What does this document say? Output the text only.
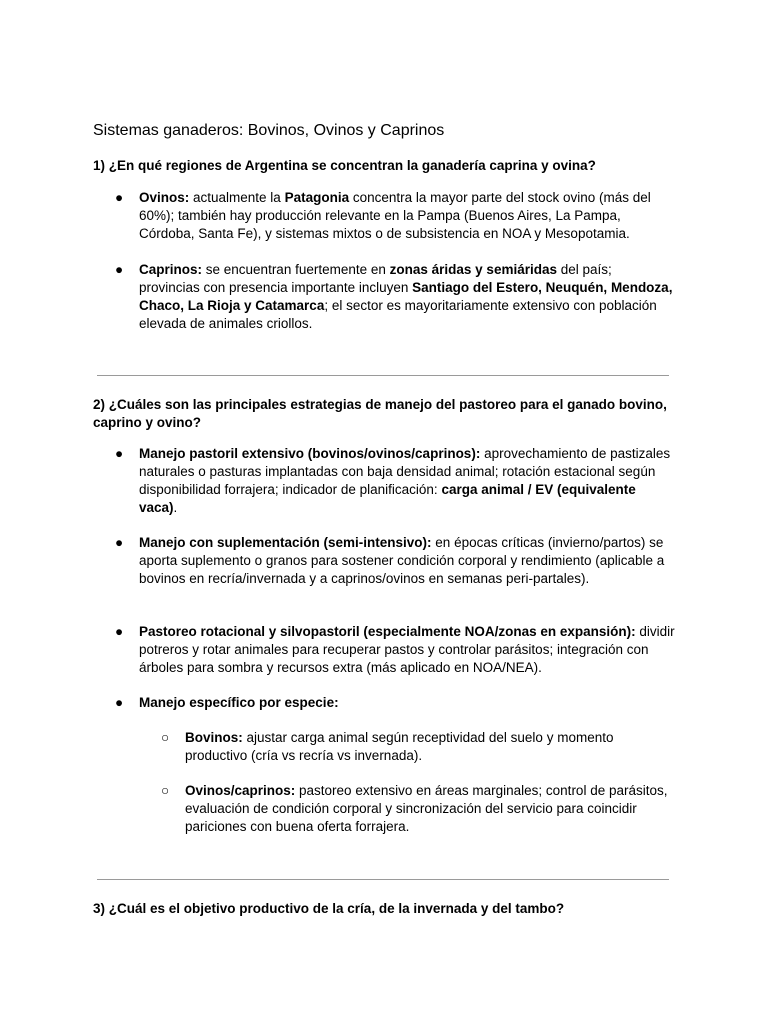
Sistemas ganaderos: Bovinos, Ovinos y Caprinos

1) ¿En qué regiones de Argentina se concentran la ganadería caprina y ovina?

● Ovinos: actualmente la Patagonia concentra la mayor parte del stock ovino (más del 60%); también hay producción relevante en la Pampa (Buenos Aires, La Pampa, Córdoba, Santa Fe), y sistemas mixtos o de subsistencia en NOA y Mesopotamia.

● Caprinos: se encuentran fuertemente en zonas áridas y semiáridas del país; provincias con presencia importante incluyen Santiago del Estero, Neuquén, Mendoza, Chaco, La Rioja y Catamarca; el sector es mayoritariamente extensivo con población elevada de animales criollos.

2) ¿Cuáles son las principales estrategias de manejo del pastoreo para el ganado bovino, caprino y ovino?

● Manejo pastoril extensivo (bovinos/ovinos/caprinos): aprovechamiento de pastizales naturales o pasturas implantadas con baja densidad animal; rotación estacional según disponibilidad forrajera; indicador de planificación: carga animal / EV (equivalente vaca).

● Manejo con suplementación (semi-intensivo): en épocas críticas (invierno/partos) se aporta suplemento o granos para sostener condición corporal y rendimiento (aplicable a bovinos en recría/invernada y a caprinos/ovinos en semanas peri-partales).

● Pastoreo rotacional y silvopastoril (especialmente NOA/zonas en expansión): dividir potreros y rotar animales para recuperar pastos y controlar parásitos; integración con árboles para sombra y recursos extra (más aplicado en NOA/NEA).

● Manejo específico por especie:

○ Bovinos: ajustar carga animal según receptividad del suelo y momento productivo (cría vs recría vs invernada).

○ Ovinos/caprinos: pastoreo extensivo en áreas marginales; control de parásitos, evaluación de condición corporal y sincronización del servicio para coincidir pariciones con buena oferta forrajera.

3) ¿Cuál es el objetivo productivo de la cría, de la invernada y del tambo?
